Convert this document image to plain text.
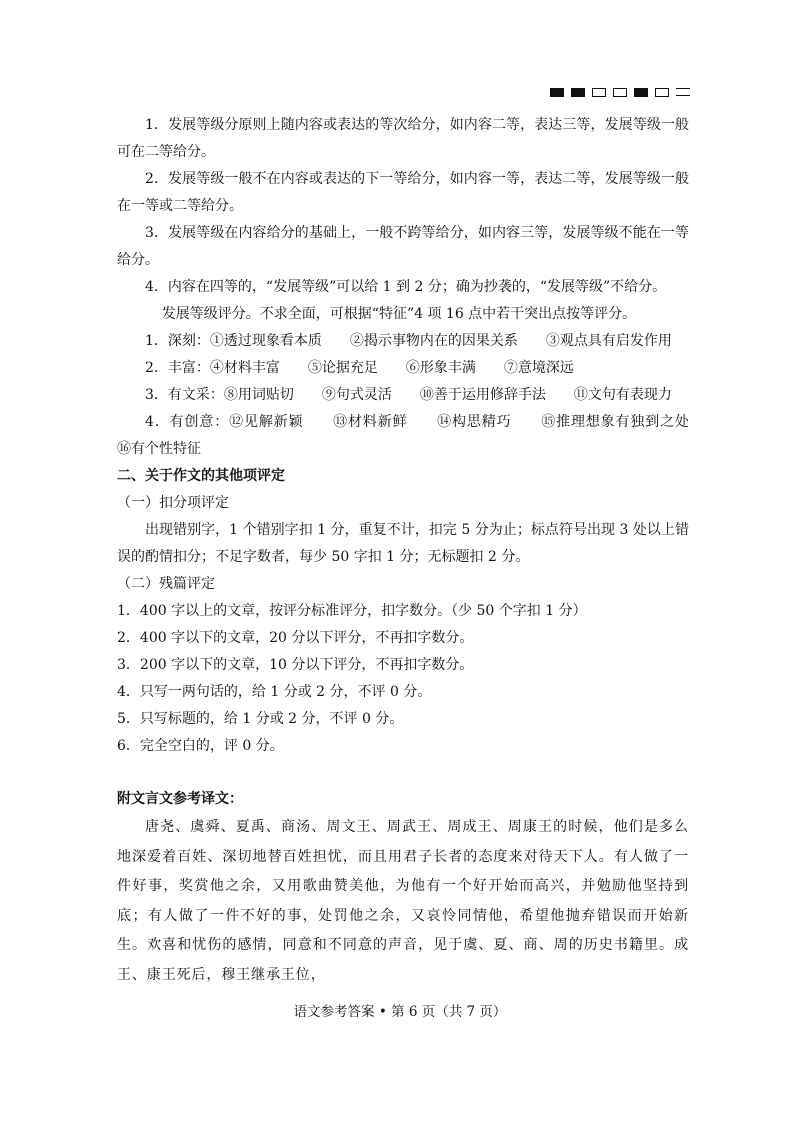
1．发展等级分原则上随内容或表达的等次给分，如内容二等，表达三等，发展等级一般可在二等给分。

2．发展等级一般不在内容或表达的下一等给分，如内容一等，表达二等，发展等级一般在一等或二等给分。

3．发展等级在内容给分的基础上，一般不跨等给分，如内容三等，发展等级不能在一等给分。

4．内容在四等的，“发展等级”可以给 1 到 2 分；确为抄袭的，“发展等级”不给分。

发展等级评分。不求全面，可根据“特征”4 项 16 点中若干突出点按等评分。

1．深刻：①透过现象看本质　　②揭示事物内在的因果关系　　③观点具有启发作用

2．丰富：④材料丰富　　⑤论据充足　　⑥形象丰满　　⑦意境深远

3．有文采：⑧用词贴切　　⑨句式灵活　　⑩善于运用修辞手法　　⑪文句有表现力

4．有创意：⑫见解新颖　　⑬材料新鲜　　⑭构思精巧　　⑮推理想象有独到之处　　⑯有个性特征

二、关于作文的其他项评定

（一）扣分项评定

出现错别字，1 个错别字扣 1 分，重复不计，扣完 5 分为止；标点符号出现 3 处以上错误的酌情扣分；不足字数者，每少 50 字扣 1 分；无标题扣 2 分。

（二）残篇评定

1．400 字以上的文章，按评分标准评分，扣字数分。（少 50 个字扣 1 分）

2．400 字以下的文章，20 分以下评分，不再扣字数分。

3．200 字以下的文章，10 分以下评分，不再扣字数分。

4．只写一两句话的，给 1 分或 2 分，不评 0 分。

5．只写标题的，给 1 分或 2 分，不评 0 分。

6．完全空白的，评 0 分。

附文言文参考译文：

唐尧、虞舜、夏禹、商汤、周文王、周武王、周成王、周康王的时候，他们是多么地深爱着百姓、深切地替百姓担忧，而且用君子长者的态度来对待天下人。有人做了一件好事，奖赏他之余，又用歌曲赞美他，为他有一个好开始而高兴，并勉励他坚持到底；有人做了一件不好的事，处罚他之余，又哀怜同情他，希望他抛弃错误而开始新生。欢喜和忧伤的感情，同意和不同意的声音，见于虞、夏、商、周的历史书籍里。成王、康王死后，穆王继承王位，

语文参考答案 • 第 6 页（共 7 页）
